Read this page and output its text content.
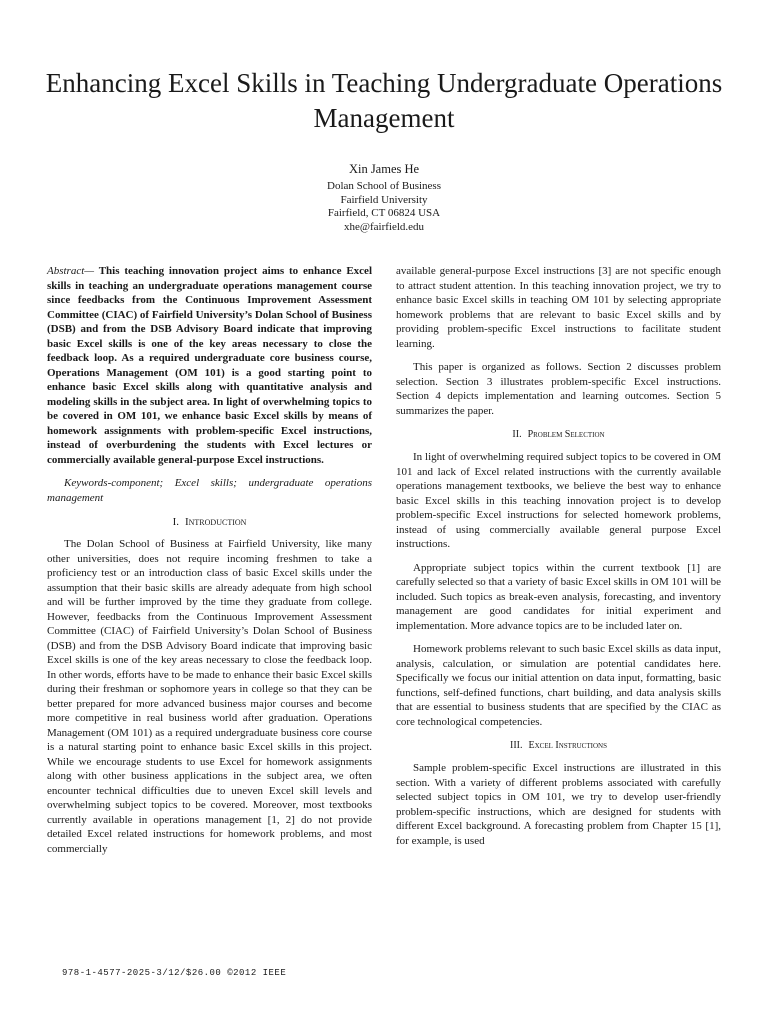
Enhancing Excel Skills in Teaching Undergraduate Operations Management
Xin James He
Dolan School of Business
Fairfield University
Fairfield, CT 06824 USA
xhe@fairfield.edu

Abstract— This teaching innovation project aims to enhance Excel skills in teaching an undergraduate operations management course since feedbacks from the Continuous Improvement Assessment Committee (CIAC) of Fairfield University’s Dolan School of Business (DSB) and from the DSB Advisory Board indicate that improving basic Excel skills is one of the key areas necessary to close the feedback loop. As a required undergraduate core business course, Operations Management (OM 101) is a good starting point to enhance basic Excel skills along with quantitative analysis and modeling skills in the subject area. In light of overwhelming topics to be covered in OM 101, we enhance basic Excel skills by means of homework assignments with problem-specific Excel instructions, instead of overburdening the students with Excel lectures or commercially available general-purpose Excel instructions.

Keywords-component; Excel skills; undergraduate operations management

I. Introduction

The Dolan School of Business at Fairfield University, like many other universities, does not require incoming freshmen to take a proficiency test or an introduction class of basic Excel skills under the assumption that their basic skills are already adequate from high school and will be further improved by the time they graduate from college. However, feedbacks from the Continuous Improvement Assessment Committee (CIAC) of Fairfield University’s Dolan School of Business (DSB) and from the DSB Advisory Board indicate that improving basic Excel skills is one of the key areas necessary to close the feedback loop. In other words, efforts have to be made to enhance their basic Excel skills during their freshman or sophomore years in college so that they can be better prepared for more advanced business major courses and become more competitive in real business world after graduation. Operations Management (OM 101) as a required undergraduate business core course is a natural starting point to enhance basic Excel skills in this project. While we encourage students to use Excel for homework assignments along with other business applications in the subject area, we often encounter technical difficulties due to uneven Excel skill levels and overwhelming subject topics to be covered. Moreover, most textbooks currently available in operations management [1, 2] do not provide detailed Excel related instructions for homework problems, and most commercially

available general-purpose Excel instructions [3] are not specific enough to attract student attention. In this teaching innovation project, we try to enhance basic Excel skills in teaching OM 101 by selecting appropriate homework problems that are relevant to basic Excel skills and by providing problem-specific Excel instructions to facilitate student learning.

This paper is organized as follows. Section 2 discusses problem selection. Section 3 illustrates problem-specific Excel instructions. Section 4 depicts implementation and learning outcomes. Section 5 summarizes the paper.

II. Problem Selection

In light of overwhelming required subject topics to be covered in OM 101 and lack of Excel related instructions with the currently available operations management textbooks, we believe the best way to enhance basic Excel skills in this teaching innovation project is to develop problem-specific Excel instructions for selected homework problems, instead of using commercially available general purpose Excel instructions.

Appropriate subject topics within the current textbook [1] are carefully selected so that a variety of basic Excel skills in OM 101 will be included. Such topics as break-even analysis, forecasting, and inventory management are good candidates for initial experiment and implementation. More advance topics are to be included later on.

Homework problems relevant to such basic Excel skills as data input, analysis, calculation, or simulation are potential candidates here. Specifically we focus our initial attention on data input, formatting, basic functions, self-defined functions, chart building, and data analysis skills that are essential to business students that are specified by the CIAC as core technological competencies.

III. Excel Instructions

Sample problem-specific Excel instructions are illustrated in this section. With a variety of different problems associated with carefully selected subject topics in OM 101, we try to develop user-friendly problem-specific instructions, which are designed for students with different Excel background. A forecasting problem from Chapter 15 [1], for example, is used

978-1-4577-2025-3/12/$26.00 ©2012 IEEE
